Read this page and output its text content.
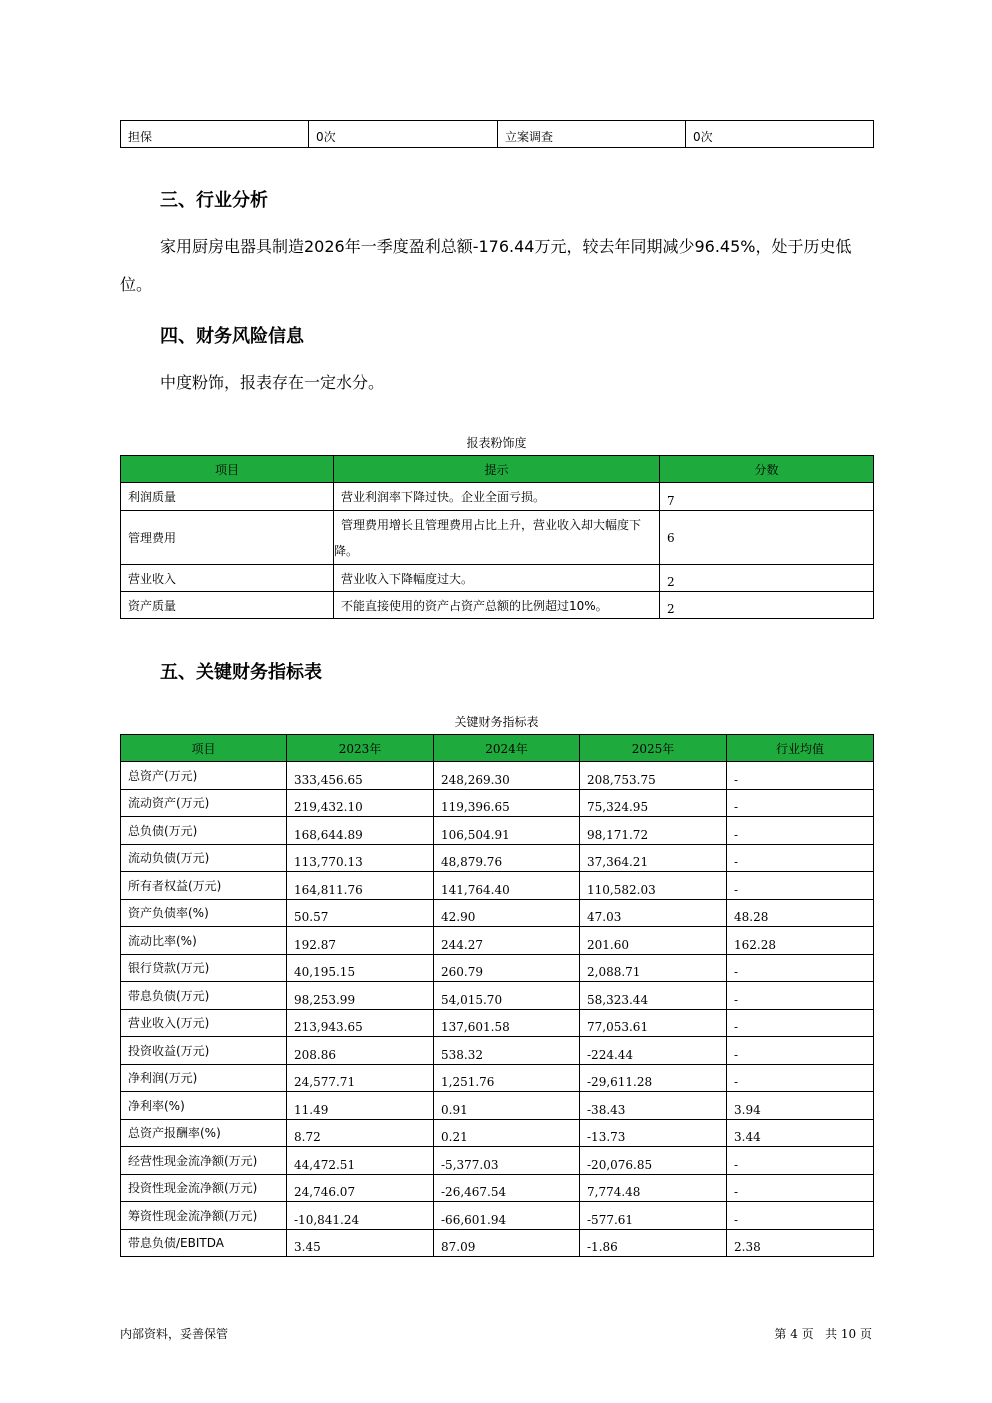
担保	0次	立案调查	0次
三、行业分析
家用厨房电器具制造2026年一季度盈利总额-176.44万元，较去年同期减少96.45%，处于历史低位。
四、财务风险信息
中度粉饰，报表存在一定水分。
报表粉饰度
项目	提示	分数
利润质量	营业利润率下降过快。企业全面亏损。	7
管理费用	管理费用增长且管理费用占比上升，营业收入却大幅度下降。	6
营业收入	营业收入下降幅度过大。	2
资产质量	不能直接使用的资产占资产总额的比例超过10%。	2
五、关键财务指标表
关键财务指标表
项目	2023年	2024年	2025年	行业均值
总资产(万元)	333,456.65	248,269.30	208,753.75	-
流动资产(万元)	219,432.10	119,396.65	75,324.95	-
总负债(万元)	168,644.89	106,504.91	98,171.72	-
流动负债(万元)	113,770.13	48,879.76	37,364.21	-
所有者权益(万元)	164,811.76	141,764.40	110,582.03	-
资产负债率(%)	50.57	42.90	47.03	48.28
流动比率(%)	192.87	244.27	201.60	162.28
银行贷款(万元)	40,195.15	260.79	2,088.71	-
带息负债(万元)	98,253.99	54,015.70	58,323.44	-
营业收入(万元)	213,943.65	137,601.58	77,053.61	-
投资收益(万元)	208.86	538.32	-224.44	-
净利润(万元)	24,577.71	1,251.76	-29,611.28	-
净利率(%)	11.49	0.91	-38.43	3.94
总资产报酬率(%)	8.72	0.21	-13.73	3.44
经营性现金流净额(万元)	44,472.51	-5,377.03	-20,076.85	-
投资性现金流净额(万元)	24,746.07	-26,467.54	7,774.48	-
筹资性现金流净额(万元)	-10,841.24	-66,601.94	-577.61	-
带息负债/EBITDA	3.45	87.09	-1.86	2.38
内部资料，妥善保管	第 4 页   共 10 页
